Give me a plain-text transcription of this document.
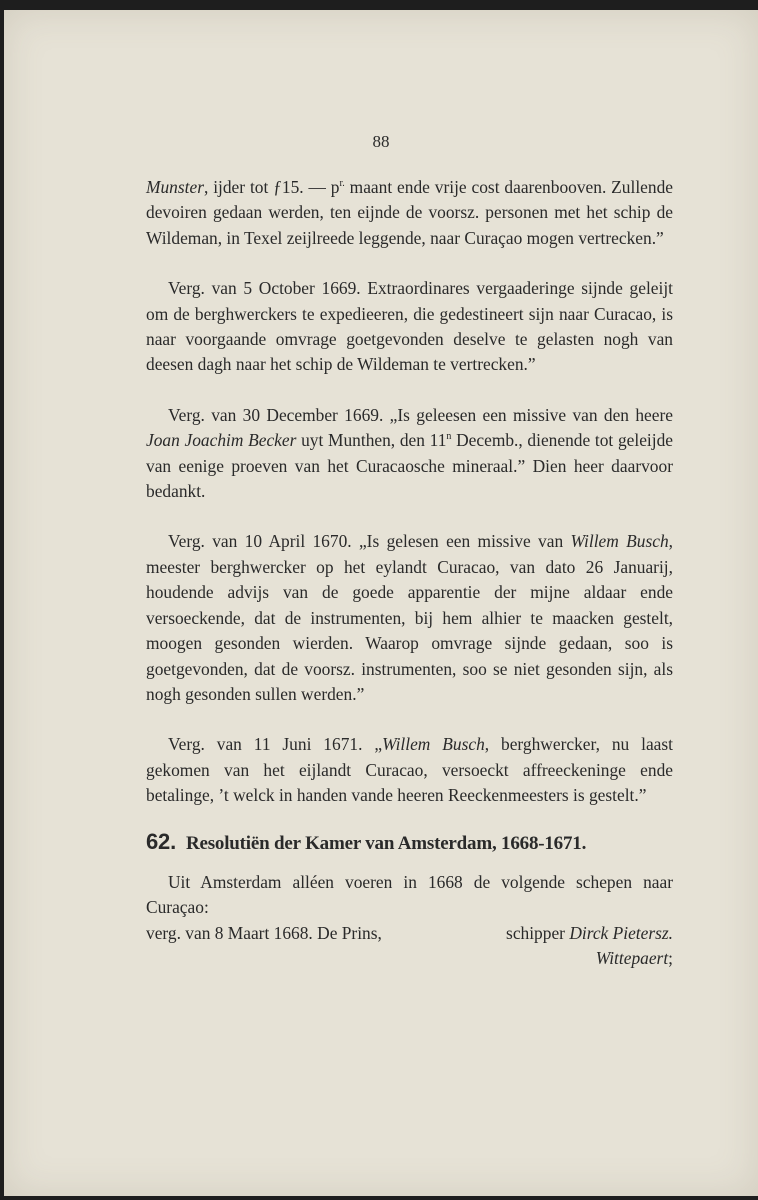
88

Munster, ijder tot ƒ15. — $p^{r.}$ maant ende vrije cost daarenbooven. Zullende devoiren gedaan werden, ten eijnde de voorsz. personen met het schip de Wildeman, in Texel zeijlreede leggende, naar Curaçao mogen vertrecken.”

Verg. van 5 October 1669. Extraordinares vergaaderinge sijnde geleijt om de berghwerckers te expedieeren, die gedestineert sijn naar Curacao, is naar voorgaande omvrage goetgevonden deselve te gelasten nogh van deesen dagh naar het schip de Wildeman te vertrecken.”

Verg. van 30 December 1669. „Is geleesen een missive van den heere Joan Joachim Becker uyt Munthen, den 11$^n$ Decemb., dienende tot geleijde van eenige proeven van het Curacaosche mineraal.” Dien heer daarvoor bedankt.

Verg. van 10 April 1670. „Is gelesen een missive van Willem Busch, meester berghwercker op het eylandt Curacao, van dato 26 Januarij, houdende advijs van de goede apparentie der mijne aldaar ende versoeckende, dat de instrumenten, bij hem alhier te maacken gestelt, moogen gesonden wierden. Waarop omvrage sijnde gedaan, soo is goetgevonden, dat de voorsz. instrumenten, soo se niet gesonden sijn, als nogh gesonden sullen werden.”

Verg. van 11 Juni 1671. „Willem Busch, berghwercker, nu laast gekomen van het eijlandt Curacao, versoeckt affreeckeninge ende betalinge, ’t welck in handen vande heeren Reeckenmeesters is gestelt.”

62. Resolutiën der Kamer van Amsterdam, 1668-1671.

Uit Amsterdam alléen voeren in 1668 de volgende schepen naar Curaçao:

verg. van 8 Maart 1668. De Prins,	schipper Dirck Pietersz.
Wittepaert;
